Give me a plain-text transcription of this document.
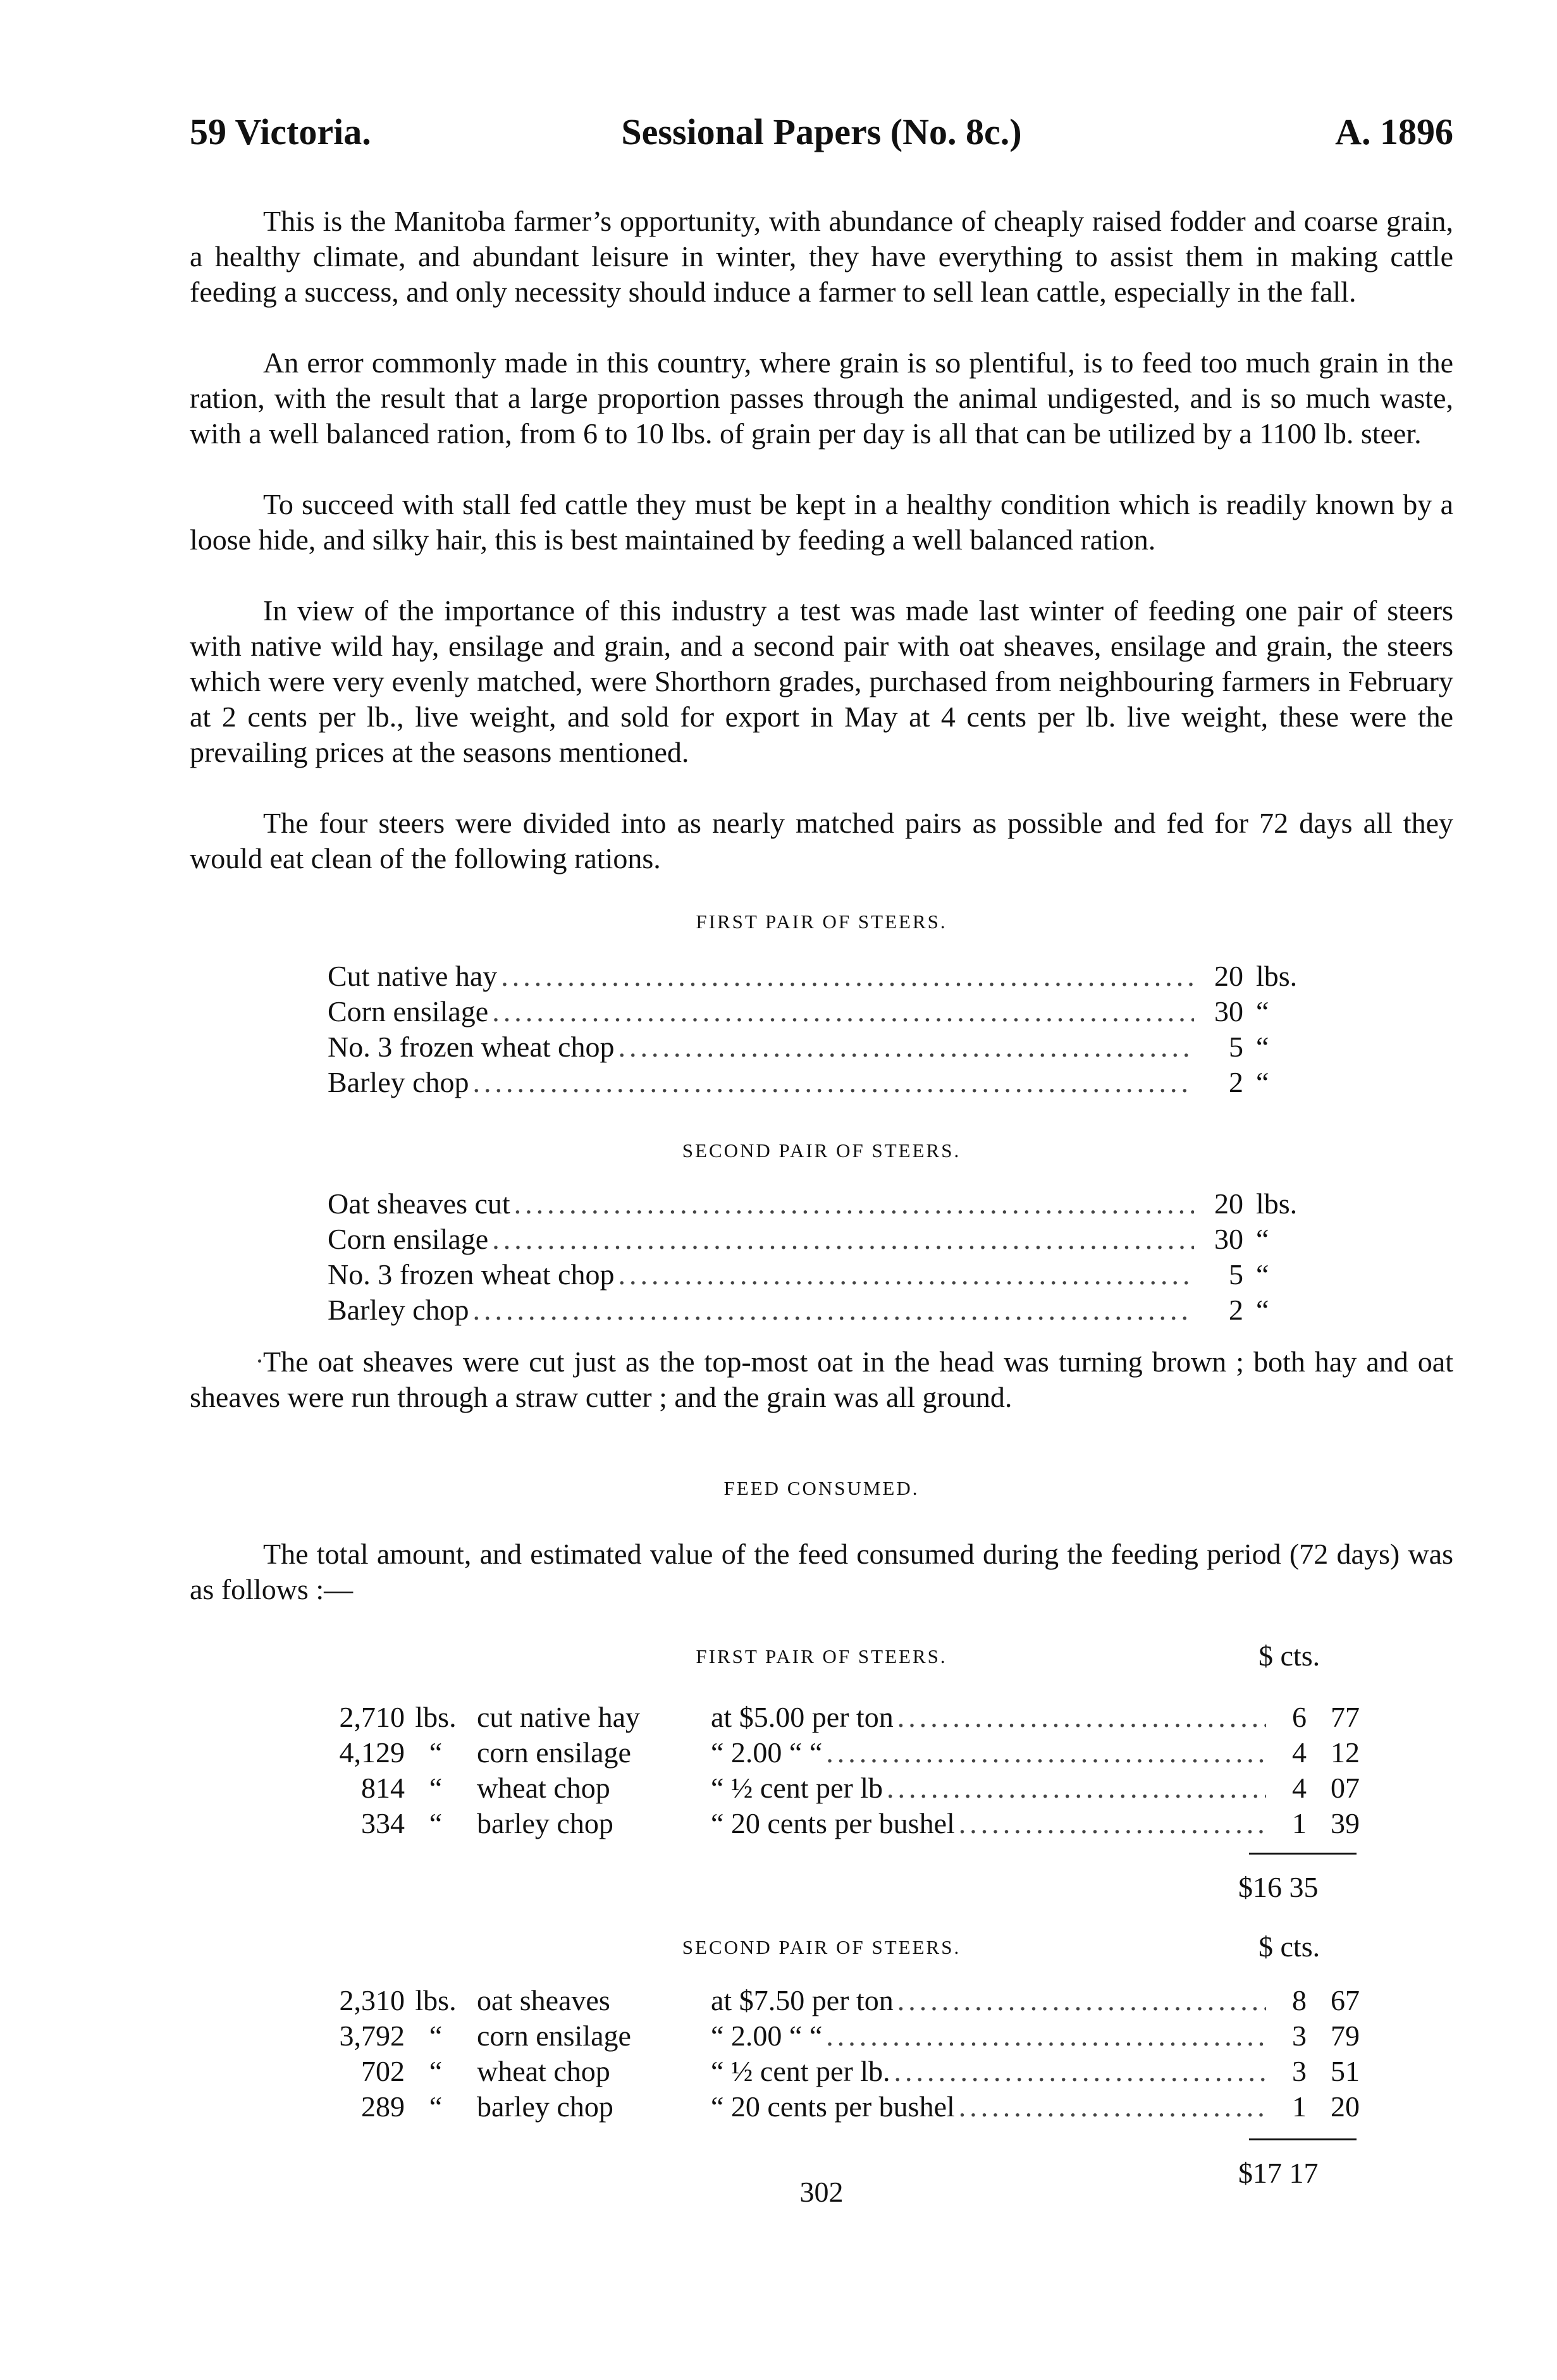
59 Victoria.	Sessional Papers (No. 8c.)	A. 1896

This is the Manitoba farmer’s opportunity, with abundance of cheaply raised fodder and coarse grain, a healthy climate, and abundant leisure in winter, they have everything to assist them in making cattle feeding a success, and only necessity should induce a farmer to sell lean cattle, especially in the fall.

An error commonly made in this country, where grain is so plentiful, is to feed too much grain in the ration, with the result that a large proportion passes through the animal undigested, and is so much waste, with a well balanced ration, from 6 to 10 lbs. of grain per day is all that can be utilized by a 1100 lb. steer.

To succeed with stall fed cattle they must be kept in a healthy condition which is readily known by a loose hide, and silky hair, this is best maintained by feeding a well balanced ration.

In view of the importance of this industry a test was made last winter of feeding one pair of steers with native wild hay, ensilage and grain, and a second pair with oat sheaves, ensilage and grain, the steers which were very evenly matched, were Shorthorn grades, purchased from neighbouring farmers in February at 2 cents per lb., live weight, and sold for export in May at 4 cents per lb. live weight, these were the prevailing prices at the seasons mentioned.

The four steers were divided into as nearly matched pairs as possible and fed for 72 days all they would eat clean of the following rations.

FIRST PAIR OF STEERS.
Cut native hay .....	20 lbs.
Corn ensilage .....	30 “
No. 3 frozen wheat chop .....	5 “
Barley chop .....	2 “
SECOND PAIR OF STEERS.
Oat sheaves cut .....	20 lbs.
Corn ensilage .....	30 “
No. 3 frozen wheat chop .....	5 “
Barley chop .....	2 “

The oat sheaves were cut just as the top-most oat in the head was turning brown ; both hay and oat sheaves were run through a straw cutter ; and the grain was all ground.

FEED CONSUMED.

The total amount, and estimated value of the feed consumed during the feeding period (72 days) was as follows :—

FIRST PAIR OF STEERS.	$ cts.
2,710 lbs. cut native hay	at $5.00 per ton .....	6 77
4,129 “	corn ensilage	“ 2.00 “ “ .....	4 12
814 “	wheat chop	“ ½ cent per lb .....	4 07
334 “	barley chop	“ 20 cents per bushel .....	1 39
$16 35
SECOND PAIR OF STEERS.	$ cts.
2,310 lbs. oat sheaves	at $7.50 per ton .....	8 67
3,792 “	corn ensilage	“ 2.00 “ “ .....	3 79
702 “	wheat chop	“ ½ cent per lb. .....	3 51
289 “	barley chop	“ 20 cents per bushel .....	1 20
$17 17
302
